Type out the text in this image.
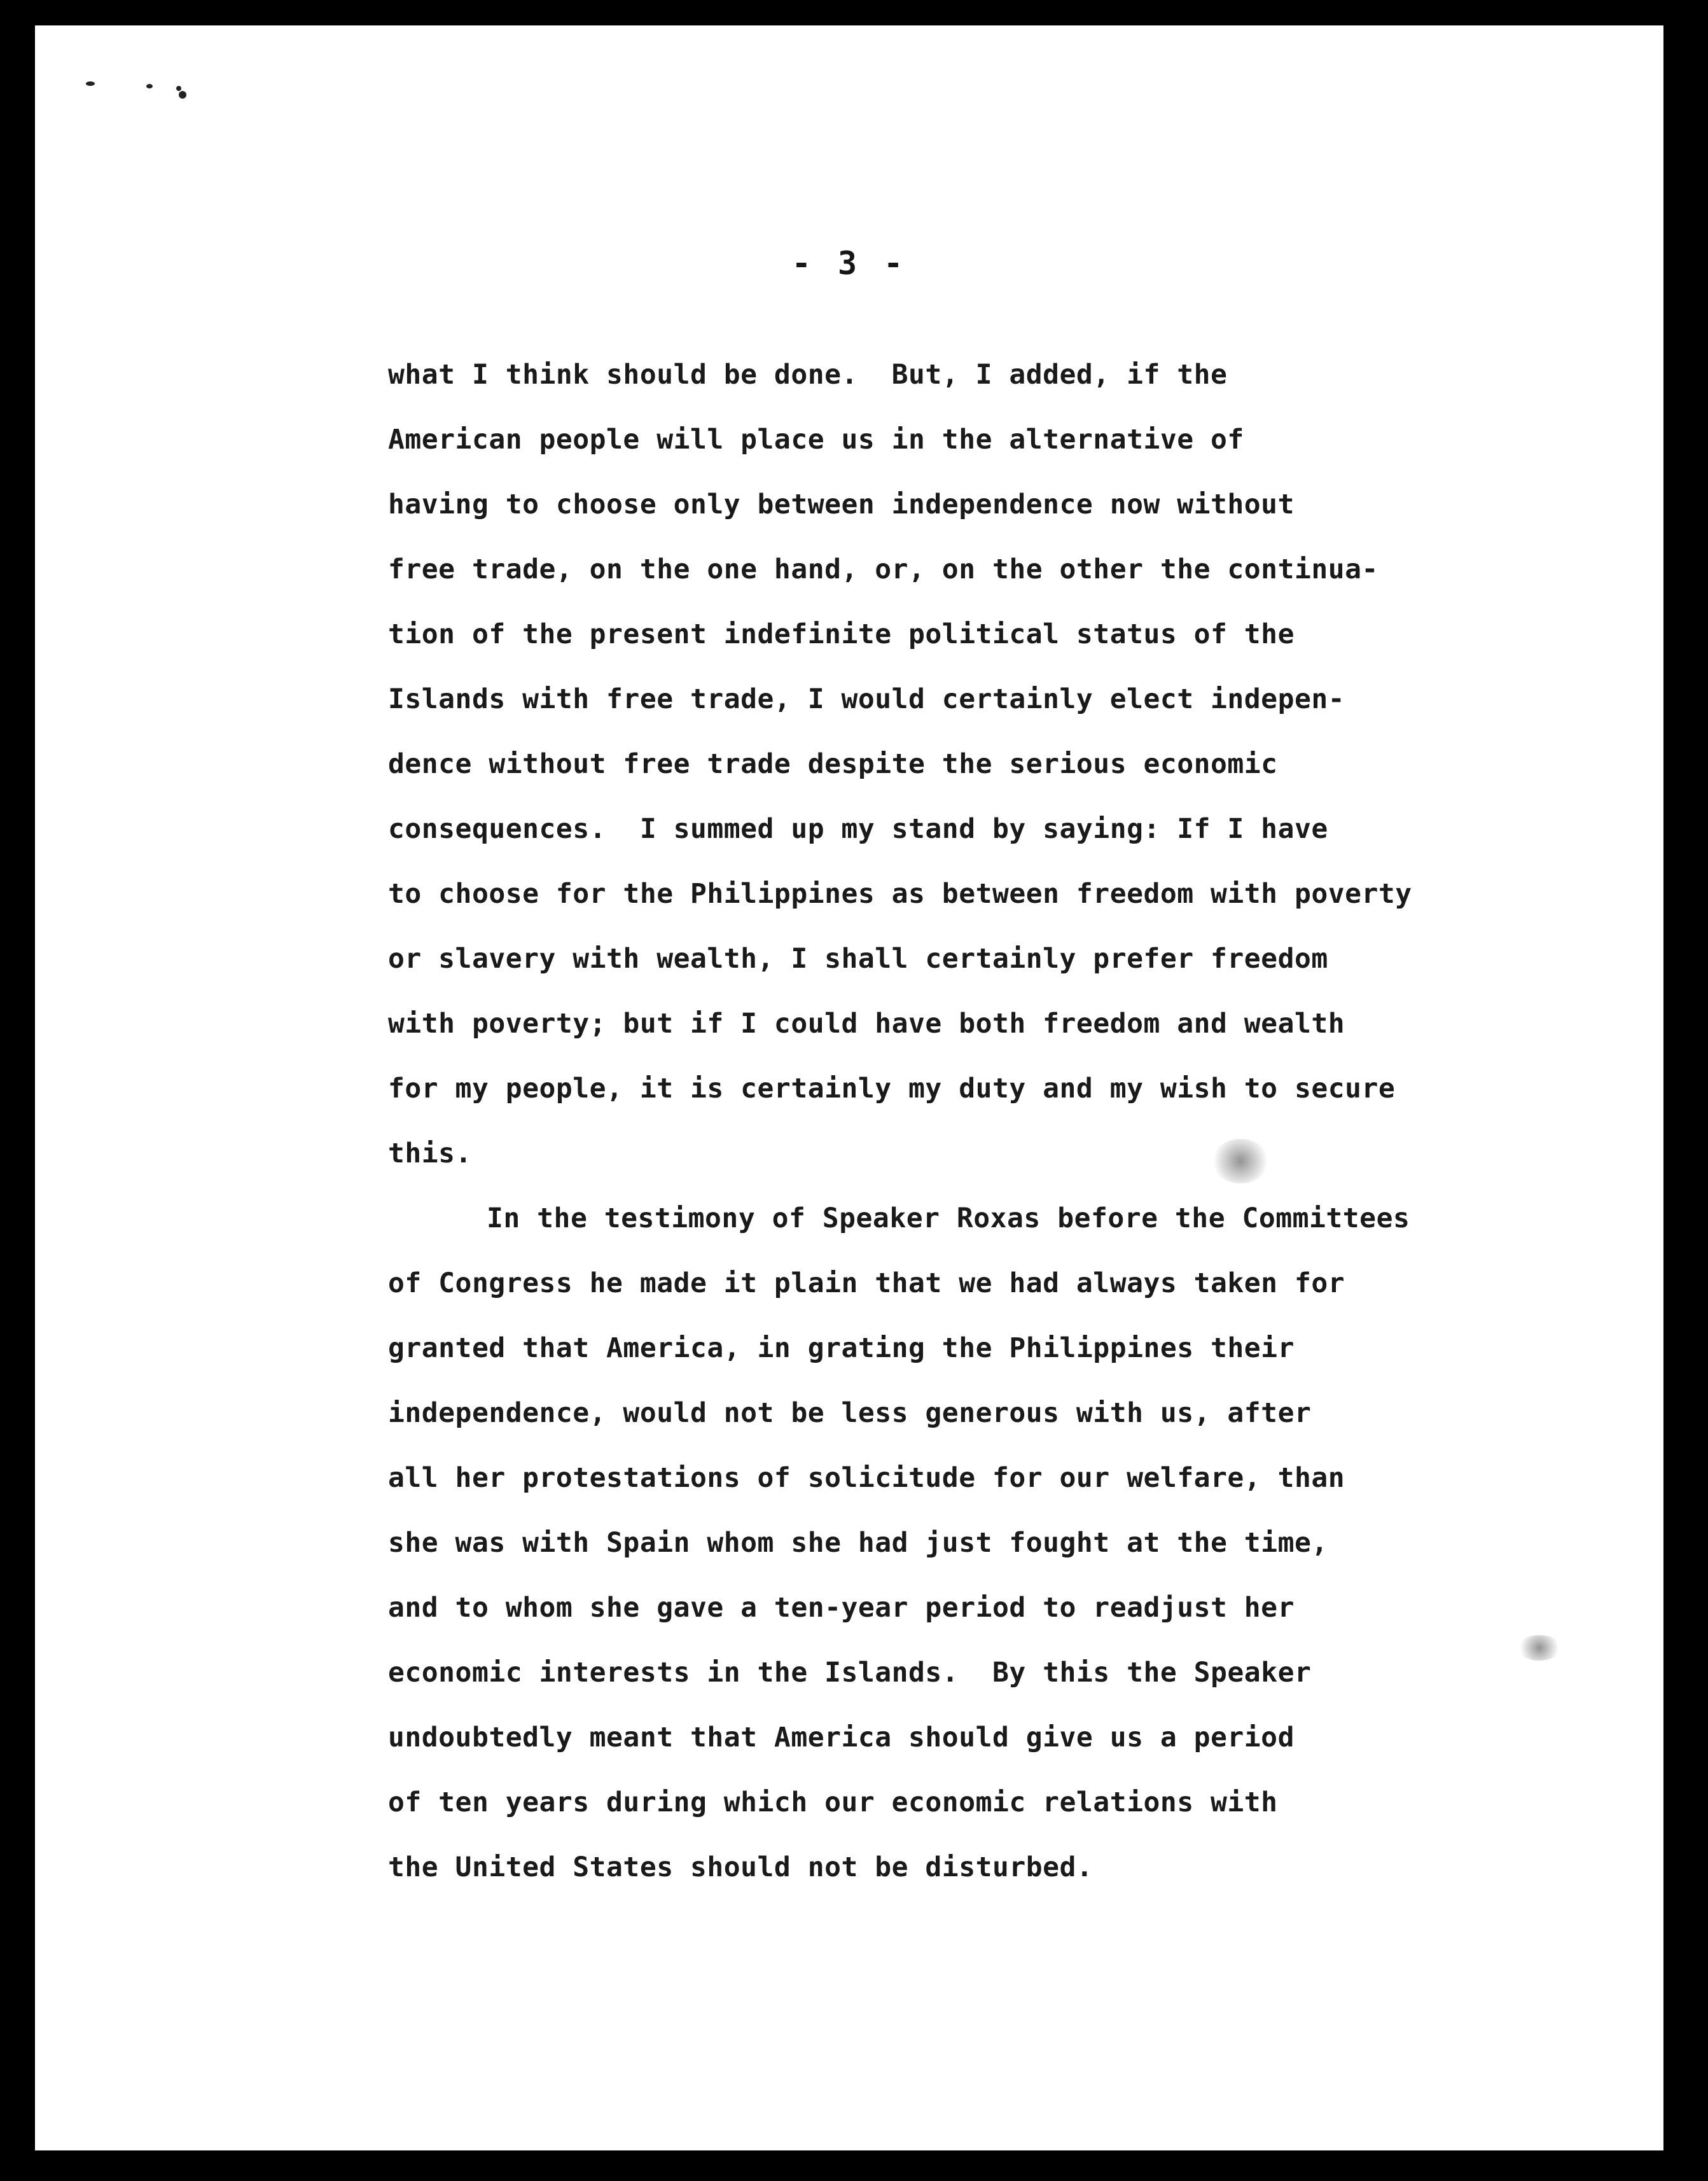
- 3 -
what I think should be done.  But, I added, if the
American people will place us in the alternative of
having to choose only between independence now without
free trade, on the one hand, or, on the other the continua-
tion of the present indefinite political status of the
Islands with free trade, I would certainly elect indepen-
dence without free trade despite the serious economic
consequences.  I summed up my stand by saying: If I have
to choose for the Philippines as between freedom with poverty
or slavery with wealth, I shall certainly prefer freedom
with poverty; but if I could have both freedom and wealth
for my people, it is certainly my duty and my wish to secure
this.
In the testimony of Speaker Roxas before the Committees
of Congress he made it plain that we had always taken for
granted that America, in grating the Philippines their
independence, would not be less generous with us, after
all her protestations of solicitude for our welfare, than
she was with Spain whom she had just fought at the time,
and to whom she gave a ten-year period to readjust her
economic interests in the Islands.  By this the Speaker
undoubtedly meant that America should give us a period
of ten years during which our economic relations with
the United States should not be disturbed.
